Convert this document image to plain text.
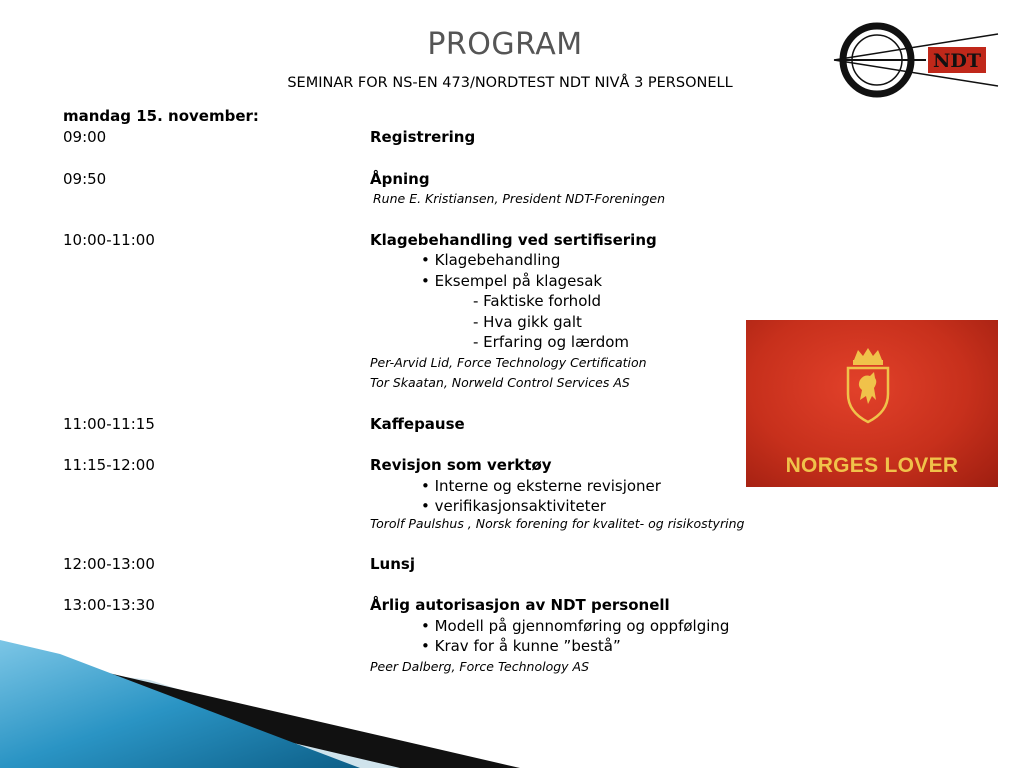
PROGRAM
SEMINAR FOR NS-EN 473/NORDTEST NDT NIVÅ 3 PERSONELL
NDT
mandag 15. november:
09:00	Registrering
09:50	Åpning
Rune E. Kristiansen, President NDT-Foreningen
10:00-11:00	Klagebehandling ved sertifisering
• Klagebehandling
• Eksempel på klagesak
- Faktiske forhold
- Hva gikk galt
- Erfaring og lærdom
Per-Arvid Lid, Force Technology Certification
Tor Skaatan, Norweld Control Services AS
11:00-11:15	Kaffepause
11:15-12:00	Revisjon som verktøy
• Interne og eksterne revisjoner
• verifikasjonsaktiviteter
Torolf Paulshus , Norsk forening for kvalitet- og risikostyring
12:00-13:00	Lunsj
13:00-13:30	Årlig autorisasjon av NDT personell
• Modell på gjennomføring og oppfølging
• Krav for å kunne ”bestå”
Peer Dalberg, Force Technology AS
NORGES LOVER
